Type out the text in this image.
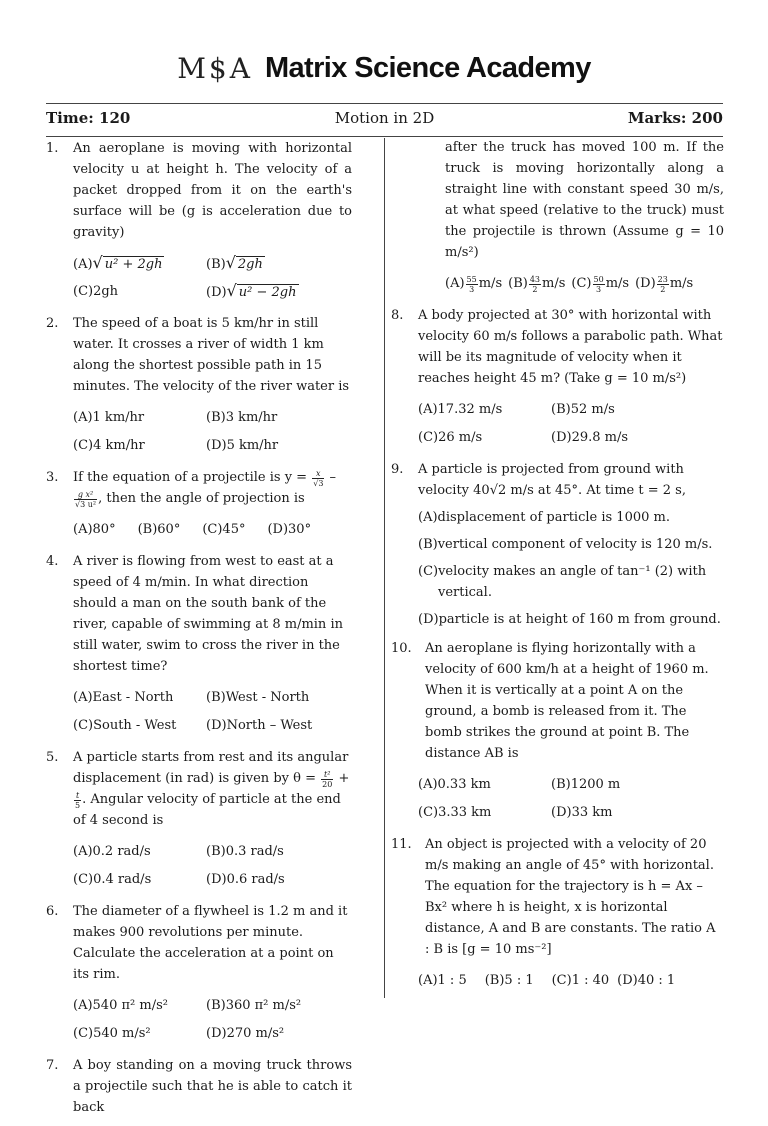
M$A Matrix Science Academy
Time: 120	Motion in 2D	Marks: 200
1.	An aeroplane is moving with horizontal velocity u at height h. The velocity of a packet dropped from it on the earth's surface will be (g is acceleration due to gravity)
(A)√ u² + 2gh	(B)√ 2gh
(C)2gh	(D)√ u² − 2gh
2.	The speed of a boat is 5 km/hr in still water. It crosses a river of width 1 km along the shortest possible path in 15 minutes. The velocity of the river water is
(A)1 km/hr	(B)3 km/hr
(C)4 km/hr	(D)5 km/hr
3.	If the equation of a projectile is $y = \frac{x}{√3}$ –

$\frac{\text{g x²}}{\text{√3 u²}}$ , then the angle of projection is
(A)80° (B)60° (C)45° (D)30°
4.	A river is flowing from west to east at a speed of 4 m/min. In what direction should a man on the south bank of the river, capable of swimming at 8 m/min in still water, swim to cross the river in the shortest time?
(A)East - North	(B)West - North
(C)South - West	(D)North – West
5.	A particle starts from rest and its angular displacement (in rad) is given by $\theta = \frac{\text{t²}}{20}$ +
$\frac{t}{5}$ . Angular velocity of particle at the end of 4 second is
(A)0.2 rad/s	(B)0.3 rad/s
(C)0.4 rad/s	(D)0.6 rad/s
6.	The diameter of a flywheel is 1.2 m and it makes 900 revolutions per minute. Calculate the acceleration at a point on its rim.
(A)540 π² m/s²	(B)360 π² m/s²
(C)540 m/s²	(D)270 m/s²
7.	A boy standing on a moving truck throws a projectile such that he is able to catch it back
after the truck has moved 100 m. If the truck is moving horizontally along a straight line with constant speed 30 m/s, at what speed (relative to the truck) must the projectile is thrown (Assume g = 10 m/s²)
$(A) \frac{55}{3} m/s$ $(B) \frac{43}{2} m/s$ $(C) \frac{50}{3} m/s$ $(D) \frac{23}{2} m/s$
8.	A body projected at 30° with horizontal with velocity 60 m/s follows a parabolic path. What will be its magnitude of velocity when it reaches height 45 m? (Take g = 10 m/s²)
(A)17.32 m/s	(B)52 m/s
(C)26 m/s	(D)29.8 m/s
9.	A particle is projected from ground with velocity 40√2 m/s at 45°. At time t = 2 s,
(A)displacement of particle is 1000 m.
(B)vertical component of velocity is 120 m/s.
(C)velocity makes an angle of tan⁻¹ (2) with vertical.
(D)particle is at height of 160 m from ground.
10.	An aeroplane is flying horizontally with a velocity of 600 km/h at a height of 1960 m. When it is vertically at a point A on the ground, a bomb is released from it. The bomb strikes the ground at point B. The distance AB is
(A)0.33 km	(B)1200 m
(C)3.33 km	(D)33 km
11.	An object is projected with a velocity of 20 m/s making an angle of 45° with horizontal. The equation for the trajectory is h = Ax – Bx² where h is height, x is horizontal distance, A and B are constants. The ratio A : B is [g = 10 ms⁻²]
(A)1 : 5 (B)5 : 1 (C)1 : 40 (D)40 : 1
